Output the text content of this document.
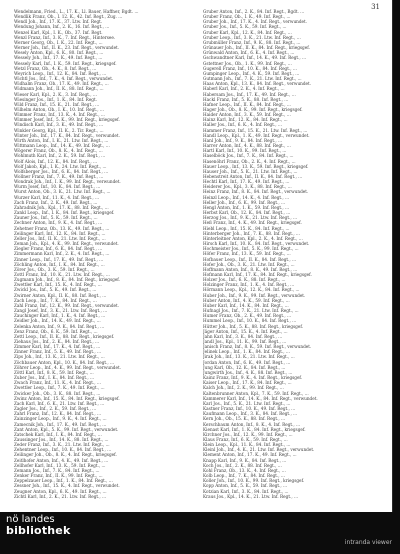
31
Wendelmann, Fried., L., 17. K., Ll. Bauer, Haffner, Bgdt. ...
Wendlik Franz, Ob., I. 12. K., 42. Inf. Regt., Zug. ...
Wendl Joh., Inf., 17. K., 37. Ltw. Inf. Regt.
Wendung Johann, Inf., 2. K., 16. Inf. Regt., ...
Wenzel Karl, Kpl., I. K., Ob., 37. Inf. Regt.
Wenzl Franz, Inf., 3. K., 7. Inf. Regt., Hintersee.
Werner Georg, Ob., I. K., 22. Inf. Regt., ...
Werner Joh., Inf., II. K., 23. Inf. Regt., verwundet.
Wesely Anton, Kpl., 6. K., 80. Inf. Regt., ...
Wessely Joh., Inf., 17. K., 49. Inf. Regt., ...
Wessely Karl, Inf., I. K., 59. Inf. Regt., kriegsgef.
Wetzl Franz, Ob., 4. K., 8. Inf. Regt., ...
Weyrich Leop., Inf., 12. K., 84. Inf. Regt., ...
Wichtl Jos., Inf., 7. K., 4. Inf. Regt., verwundet.
Widhalm Franz, Ob., 17. K., 49. Inf. Regt., ...
Widmann Joh., Inf., II. K., 88. Inf. Regt., ...
Wieser Karl, Kpl., 2. K., 3. Inf. Regt., ...
Wiesinger Jos., Inf., 1. K., 84. Inf. Regt.
Wild Franz, Inf., 15. K., 21. Inf. Regt., ...
Wilhelm Anton, Ob., I. K., 10. Inf. Regt., ...
Wimmer Franz, Inf., 13. K., 4. Inf. Regt., ...
Wimmer Josef, Inf., 5. K., 99. Inf. Regt., kriegsgef.
Windisch Karl, Inf., 3. K., 49. Inf. Regt., ...
Winkler Georg, Kpl., II. K., 2. Tir. Regt., ...
Winter Joh., Inf., 17. K., 84. Inf. Regt., verwundet.
Wirth Anton, Inf., I. K., 21. Ltw. Inf. Regt., ...
Wittmann Leop., Inf., 14. K., 49. Inf. Regt., ...
Wögerer Franz, Ob., 8. K., 4. Inf. Regt., ...
Wohlmuth Karl, Inf., 2. K., 59. Inf. Regt., ...
Wolf Alois, Inf., 12. K., 84. Inf. Regt., ...
Wolf Jakob, Kpl., I. K., 24. Ltw. Inf. Regt., ...
Wolfsberger Jos., Inf., 6. K., 84. Inf. Regt., ...
Wollner Franz, Inf., 7. K., 49. Inf. Regt., ...
Wondrak Joh., Inf., I. K., 99. Inf. Regt., verwundet.
Wurm Josef, Inf., 10. K., 84. Inf. Regt., ...
Wurst Anton, Ob., 3. K., 21. Ltw. Inf. Regt., ...
Wurzer Karl, Inf., 11. K., 4. Inf. Regt., ...
Zach Franz, Inf., 2. K., 49. Inf. Regt., ...
Zahradnik Joh., Kpl., 17. K., 88. Inf. Regt., ...
Zankl Leop., Inf., I. K., 84. Inf. Regt., kriegsgef.
Zauner Jos., Inf., 5. K., 59. Inf. Regt., ...
Zechner Anton, Inf., 9. K., 4. Inf. Regt., ...
Zehetner Franz, Ob., 13. K., 49. Inf. Regt., ...
Zeilinger Karl, Inf., 12. K., 84. Inf. Regt., ...
Zeller Jos., Inf., II. K., 21. Ltw. Inf. Regt., ...
Zeman Joh., Kpl., 4. K., 99. Inf. Regt., verwundet.
Ziegler Franz, Inf., 6. K., 84. Inf. Regt., ...
Zimmermann Karl, Inf., 2. K., 4. Inf. Regt., ...
Zinner Leop., Inf., 17. K., 49. Inf. Regt., ...
Zöchling Anton, Inf., I. K., 84. Inf. Regt., ...
Zörer Jos., Ob., 3. K., 59. Inf. Regt., ...
Zottl Franz, Inf., 10. K., 21. Ltw. Inf. Regt., ...
Zugmann Joh., Inf., 8. K., 84. Inf. Regt., kriegsgef.
Zwettler Karl, Inf., 15. K., 4. Inf. Regt., ...
Zwickl Jos., Inf., 5. K., 49. Inf. Regt., ...
Zwirner Anton, Kpl., II. K., 88. Inf. Regt., ...
Zach Leop., Inf., 7. K., 84. Inf. Regt., ...
Zahl Franz, Inf., 12. K., 99. Inf. Regt., verwundet.
Zangl Josef, Inf., 3. K., 21. Ltw. Inf. Regt., ...
Zauchinger Karl, Inf., 1. K., 4. Inf. Regt., ...
Zeidler Joh., Inf., 14. K., 49. Inf. Regt., ...
Zelenka Anton, Inf., 9. K., 84. Inf. Regt., ...
Zenz Franz, Ob., 6. K., 59. Inf. Regt., ...
Zettl Leop., Inf., II. K., 88. Inf. Regt., kriegsgef.
Ziehaus Jos., Inf., 2. K., 84. Inf. Regt., ...
Zimmer Karl, Inf., 17. K., 4. Inf. Regt., ...
Zinner Franz, Inf., 5. K., 49. Inf. Regt., ...
Zips Joh., Inf., 13. K., 21. Ltw. Inf. Regt., ...
Zöchbauer Anton, Kpl., 10. K., 84. Inf. Regt., ...
Zöhrer Leop., Inf., 4. K., 99. Inf. Regt., verwundet.
Zöttl Karl, Inf., 8. K., 59. Inf. Regt., ...
Zuber Jos., Inf., I. K., 84. Inf. Regt., ...
Zwach Franz, Inf., 11. K., 4. Inf. Regt., ...
Zwettler Leop., Inf., 7. K., 49. Inf. Regt., ...
Zwicker Joh., Ob., 3. K., 88. Inf. Regt., ...
Zwinz Anton, Inf., 15. K., 84. Inf. Regt., kriegsgef.
Zach Karl, Inf., 6. K., 21. Ltw. Inf. Regt., ...
Zagler Jos., Inf., 2. K., 59. Inf. Regt., ...
Zahrl Franz, Inf., 12. K., 84. Inf. Regt., ...
Zainzinger Leop., Inf., 9. K., 4. Inf. Regt., ...
Zamecnik Joh., Inf., 17. K., 49. Inf. Regt., ...
Zant Anton, Kpl., 5. K., 99. Inf. Regt., verwundet.
Zatschek Karl, Inf., I. K., 84. Inf. Regt., ...
Zaussinger Jos., Inf., 14. K., 88. Inf. Regt., ...
Zeder Franz, Inf., 3. K., 21. Ltw. Inf. Regt., ...
Zehentner Leop., Inf., 10. K., 84. Inf. Regt., ...
Zeilinger Joh., Ob., 8. K., 4. Inf. Regt., kriegsgef.
Zeitlhofer Anton, Inf., 4. K., 49. Inf. Regt., ...
Zellhofer Karl, Inf., 13. K., 59. Inf. Regt., ...
Zemann Jos., Inf., 7. K., 84. Inf. Regt., ...
Zenker Franz, Inf., II. K., 99. Inf. Regt., ...
Zeppelzauer Leop., Inf., 1. K., 84. Inf. Regt., ...
Zessner Joh., Inf., 15. K., 4. Inf. Regt., verwundet.
Zeugner Anton, Kpl., 6. K., 49. Inf. Regt., ...
Zichtl Karl, Inf., 2. K., 21. Ltw. Inf. Regt., ...
Gruber Anton, Inf., 2. K., 84. Inf. Regt., Bgdt. ...
Gruber Franz, Ob., I. K., 49. Inf. Regt., ...
Gruber Joh., Inf., 17. K., 4. Inf. Regt., verwundet.
Gruber Jos., Inf., 5. K., 59. Inf. Regt., ...
Gruber Karl, Kpl., 12. K., 84. Inf. Regt., ...
Gruber Leop., Inf., 3. K., 21. Ltw. Inf. Regt., ...
Grubmüller Franz, Inf., 9. K., 88. Inf. Regt., ...
Grünauer Joh., Inf., II. K., 84. Inf. Regt., kriegsgef.
Grünwald Anton, Inf., 6. K., 4. Inf. Regt., ...
Gschwandtner Karl, Inf., 14. K., 49. Inf. Regt., ...
Gstettner Jos., Ob., 1. K., 99. Inf. Regt., ...
Gugerell Franz, Inf., 10. K., 84. Inf. Regt., ...
Gumpinger Leop., Inf., 4. K., 59. Inf. Regt., ...
Gutmann Joh., Inf., 7. K., 21. Ltw. Inf. Regt., ...
Haas Anton, Kpl., 13. K., 84. Inf. Regt., verwundet.
Haberl Karl, Inf., 2. K., 4. Inf. Regt., ...
Habersam Jos., Inf., 17. K., 49. Inf. Regt., ...
Hackl Franz, Inf., 5. K., 88. Inf. Regt., ...
Hafner Leop., Inf., II. K., 84. Inf. Regt., ...
Hager Joh., Ob., 8. K., 99. Inf. Regt., kriegsgef.
Haider Anton, Inf., 3. K., 59. Inf. Regt., ...
Hainz Karl, Inf., 12. K., 84. Inf. Regt., ...
Haller Jos., Inf., 6. K., 4. Inf. Regt., ...
Hammer Franz, Inf., 15. K., 21. Ltw. Inf. Regt., ...
Handl Leop., Kpl., 1. K., 49. Inf. Regt., verwundet.
Hanl Joh., Inf., 9. K., 84. Inf. Regt., ...
Harrer Anton, Inf., 4. K., 88. Inf. Regt., ...
Hartl Karl, Inf., 10. K., 99. Inf. Regt., ...
Haselböck Jos., Inf., 7. K., 84. Inf. Regt., ...
Hasenöhrl Franz, Ob., 2. K., 4. Inf. Regt., ...
Hauer Leop., Inf., 13. K., 59. Inf. Regt., kriegsgef.
Hauser Joh., Inf., 5. K., 21. Ltw. Inf. Regt., ...
Hebenstreit Anton, Inf., II. K., 84. Inf. Regt., ...
Hechtl Karl, Inf., 17. K., 49. Inf. Regt., ...
Heiderer Jos., Kpl., 3. K., 88. Inf. Regt., ...
Heinz Franz, Inf., 8. K., 84. Inf. Regt., verwundet.
Heinzl Leop., Inf., 14. K., 4. Inf. Regt., ...
Heller Joh., Inf., 6. K., 99. Inf. Regt., ...
Hengl Anton, Inf., 1. K., 59. Inf. Regt., ...
Herbst Karl, Ob., 12. K., 84. Inf. Regt., ...
Herzog Jos., Inf., 9. K., 21. Ltw. Inf. Regt., ...
Heß Franz, Inf., 4. K., 49. Inf. Regt., kriegsgef.
Hiebl Leop., Inf., 15. K., 84. Inf. Regt., ...
Hinterberger Joh., Inf., 7. K., 88. Inf. Regt., ...
Hinterleitner Anton, Kpl., 2. K., 4. Inf. Regt., ...
Hirsch Karl, Inf., 10. K., 84. Inf. Regt., verwundet.
Hochmeister Jos., Inf., 5. K., 99. Inf. Regt., ...
Höfer Franz, Inf., 13. K., 59. Inf. Regt., ...
Hofbauer Leop., Inf., II. K., 84. Inf. Regt., ...
Hofer Joh., Ob., 3. K., 21. Ltw. Inf. Regt., ...
Hoffmann Anton, Inf., 8. K., 49. Inf. Regt., ...
Hofmann Karl, Inf., 17. K., 84. Inf. Regt., kriegsgef.
Holzer Jos., Inf., 6. K., 88. Inf. Regt., ...
Holzinger Franz, Inf., 1. K., 4. Inf. Regt., ...
Hörmann Leop., Kpl., 12. K., 84. Inf. Regt., ...
Huber Joh., Inf., 9. K., 99. Inf. Regt., verwundet.
Huber Anton, Inf., 4. K., 59. Inf. Regt., ...
Huber Karl, Inf., 14. K., 84. Inf. Regt., ...
Hufnagl Jos., Inf., 7. K., 21. Ltw. Inf. Regt., ...
Humer Franz, Ob., 2. K., 49. Inf. Regt., ...
Hummel Leop., Inf., 10. K., 84. Inf. Regt., ...
Hütter Joh., Inf., 5. K., 88. Inf. Regt., kriegsgef.
Jäger Anton, Inf., 15. K., 4. Inf. Regt., ...
Jahn Karl, Inf., 3. K., 84. Inf. Regt., ...
Jandl Jos., Kpl., 11. K., 99. Inf. Regt., ...
Janisch Franz, Inf., 8. K., 59. Inf. Regt., verwundet.
Jelinek Leop., Inf., 1. K., 84. Inf. Regt., ...
Jirak Joh., Inf., 13. K., 21. Ltw. Inf. Regt., ...
Jordan Anton, Inf., 6. K., 49. Inf. Regt., ...
Jung Karl, Ob., 12. K., 84. Inf. Regt., ...
Jungwirth Jos., Inf., 4. K., 88. Inf. Regt., ...
Kainz Franz, Inf., 9. K., 4. Inf. Regt., kriegsgef.
Kaiser Leop., Inf., 17. K., 84. Inf. Regt., ...
Kalch Joh., Inf., 2. K., 99. Inf. Regt., ...
Kaltenbrunner Anton, Kpl., 7. K., 59. Inf. Regt., ...
Kammerer Karl, Inf., 14. K., 84. Inf. Regt., verwundet.
Karl Jos., Inf., 5. K., 21. Ltw. Inf. Regt., ...
Kastner Franz, Inf., 10. K., 49. Inf. Regt., ...
Kaufmann Leop., Inf., 3. K., 84. Inf. Regt., ...
Kern Joh., Ob., 15. K., 88. Inf. Regt., ...
Kerschbaum Anton, Inf., 8. K., 4. Inf. Regt., ...
Kienast Karl, Inf., 1. K., 84. Inf. Regt., kriegsgef.
Kirchner Jos., Inf., 12. K., 99. Inf. Regt., ...
Klaus Franz, Inf., 6. K., 59. Inf. Regt., ...
Klein Leop., Kpl., 11. K., 84. Inf. Regt., ...
Kleinl Joh., Inf., 4. K., 21. Ltw. Inf. Regt., verwundet.
Klement Anton, Inf., 17. K., 49. Inf. Regt., ...
Knapp Karl, Inf., 9. K., 84. Inf. Regt., ...
Koch Jos., Inf., 2. K., 88. Inf. Regt., ...
Kohl Franz, Ob., 13. K., 4. Inf. Regt., ...
Kolb Leop., Inf., 7. K., 84. Inf. Regt., ...
Koller Joh., Inf., 10. K., 99. Inf. Regt., kriegsgef.
Kopp Anton, Inf., 5. K., 59. Inf. Regt., ...
Kotzian Karl, Inf., 3. K., 84. Inf. Regt., ...
Kraus Jos., Kpl., 14. K., 21. Ltw. Inf. Regt., ...
nö landes
bibliothek
intranda viewer
